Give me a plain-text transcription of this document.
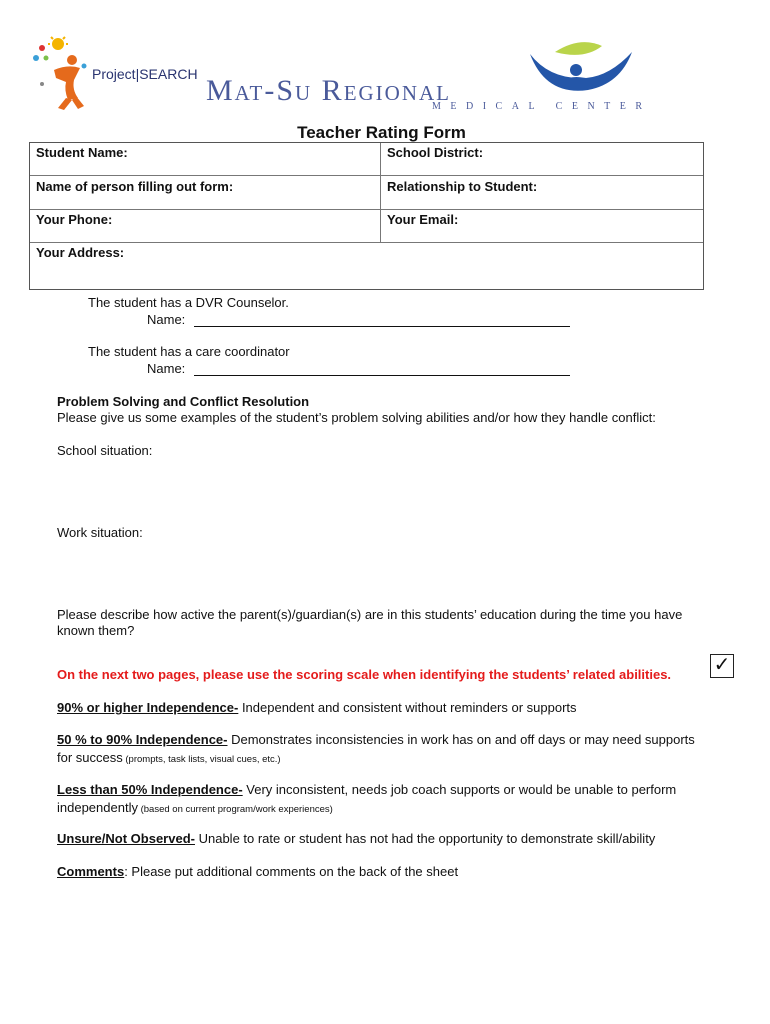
Project|SEARCH Mat-Su Regional
MEDICAL CENTER
Teacher Rating Form
Student Name:	School District:
Name of person filling out form:	Relationship to Student:
Your Phone:	Your Email:
Your Address:
The student has a DVR Counselor.
Name:
The student has a care coordinator
Name:
Problem Solving and Conflict Resolution
Please give us some examples of the student’s problem solving abilities and/or how they handle conflict:
School situation:
Work situation:
Please describe how active the parent(s)/guardian(s) are in this students’ education during the time you have known them?
On the next two pages, please use the scoring scale when identifying the students’ related abilities. ✓
90% or higher Independence- Independent and consistent without reminders or supports
50 % to 90% Independence- Demonstrates inconsistencies in work has on and off days or may need supports for success (prompts, task lists, visual cues, etc.)
Less than 50% Independence- Very inconsistent, needs job coach supports or would be unable to perform independently (based on current program/work experiences)
Unsure/Not Observed- Unable to rate or student has not had the opportunity to demonstrate skill/ability
Comments: Please put additional comments on the back of the sheet
